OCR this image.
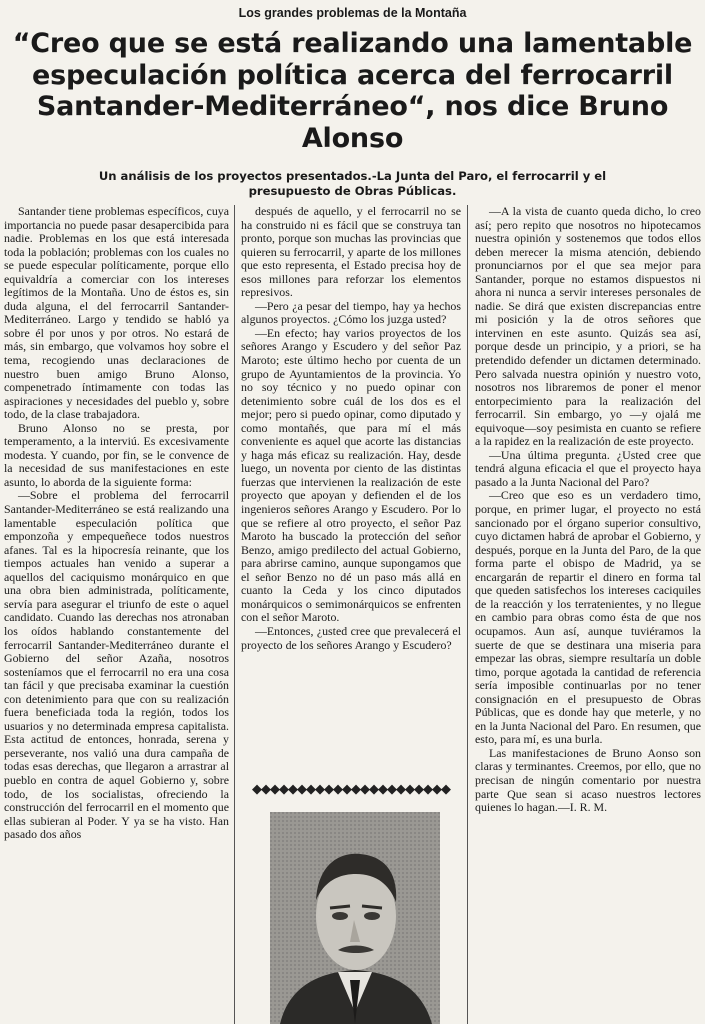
Los grandes problemas de la Montaña
“Creo que se está realizando una lamentable especulación política acerca del ferrocarril Santander-Mediterráneo“, nos dice Bruno Alonso
Un análisis de los proyectos presentados.-La Junta del Paro, el ferrocarril y el presupuesto de Obras Públicas.

Santander tiene problemas específicos, cuya importancia no puede pasar desapercibida para nadie. Problemas en los que está interesada toda la población; problemas con los cuales no se puede especular políticamente, porque ello equivaldría a comerciar con los intereses legítimos de la Montaña. Uno de éstos es, sin duda alguna, el del ferrocarril Santander-Mediterráneo. Largo y tendido se habló ya sobre él por unos y por otros. No estará de más, sin embargo, que volvamos hoy sobre el tema, recogiendo unas declaraciones de nuestro buen amigo Bruno Alonso, compenetrado íntimamente con todas las aspiraciones y necesidades del pueblo y, sobre todo, de la clase trabajadora.

Bruno Alonso no se presta, por temperamento, a la interviú. Es excesivamente modesta. Y cuando, por fin, se le convence de la necesidad de sus manifestaciones en este asunto, lo aborda de la siguiente forma:

—Sobre el problema del ferrocarril Santander-Mediterráneo se está realizando una lamentable especulación política que emponzoña y empequeñece todos nuestros afanes. Tal es la hipocresía reinante, que los tiempos actuales han venido a superar a aquellos del caciquismo monárquico en que una obra bien administrada, políticamente, servía para asegurar el triunfo de este o aquel candidato. Cuando las derechas nos atronaban los oídos hablando constantemente del ferrocarril Santander-Mediterráneo durante el Gobierno del señor Azaña, nosotros sosteníamos que el ferrocarril no era una cosa tan fácil y que precisaba examinar la cuestión con detenimiento para que con su realización fuera beneficiada toda la región, todos los usuarios y no determinada empresa capitalista. Esta actitud de entonces, honrada, serena y perseverante, nos valió una dura campaña de todas esas derechas, que llegaron a arrastrar al pueblo en contra de aquel Gobierno y, sobre todo, de los socialistas, ofreciendo la construcción del ferrocarril en el momento que ellas subieran al Poder. Y ya se ha visto. Han pasado dos años

después de aquello, y el ferrocarril no se ha construido ni es fácil que se construya tan pronto, porque son muchas las provincias que quieren su ferrocarril, y aparte de los millones que esto representa, el Estado precisa hoy de esos millones para reforzar los elementos represivos.

—Pero ¿a pesar del tiempo, hay ya hechos algunos proyectos. ¿Cómo los juzga usted?

—En efecto; hay varios proyectos de los señores Arango y Escudero y del señor Paz Maroto; este último hecho por cuenta de un grupo de Ayuntamientos de la provincia. Yo no soy técnico y no puedo opinar con detenimiento sobre cuál de los dos es el mejor; pero si puedo opinar, como diputado y como montañés, que para mí el más conveniente es aquel que acorte las distancias y haga más eficaz su realización. Hay, desde luego, un noventa por ciento de las distintas fuerzas que intervienen la realización de este proyecto que apoyan y defienden el de los ingenieros señores Arango y Escudero. Por lo que se refiere al otro proyecto, el señor Paz Maroto ha buscado la protección del señor Benzo, amigo predilecto del actual Gobierno, para abrirse camino, aunque supongamos que el señor Benzo no dé un paso más allá en cuanto la Ceda y los cinco diputados monárquicos o semimonárquicos se enfrenten con el señor Maroto.

—Entonces, ¿usted cree que prevalecerá el proyecto de los señores Arango y Escudero?

◆◆◆◆◆◆◆◆◆◆◆◆◆◆◆◆◆◆◆◆◆◆

—A la vista de cuanto queda dicho, lo creo así; pero repito que nosotros no hipotecamos nuestra opinión y sostenemos que todos ellos deben merecer la misma atención, debiendo pronunciarnos por el que sea mejor para Santander, porque no estamos dispuestos ni ahora ni nunca a servir intereses personales de nadie. Se dirá que existen discrepancias entre mi posición y la de otros señores que intervinen en este asunto. Quizás sea así, porque desde un principio, y a priori, se ha pretendido defender un dictamen determinado. Pero salvada nuestra opinión y nuestro voto, nosotros nos libraremos de poner el menor entorpecimiento para la realización del ferrocarril. Sin embargo, yo —y ojalá me equivoque—soy pesimista en cuanto se refiere a la rapidez en la realización de este proyecto.

—Una última pregunta. ¿Usted cree que tendrá alguna eficacia el que el proyecto haya pasado a la Junta Nacional del Paro?

—Creo que eso es un verdadero timo, porque, en primer lugar, el proyecto no está sancionado por el órgano superior consultivo, cuyo dictamen habrá de aprobar el Gobierno, y después, porque en la Junta del Paro, de la que forma parte el obispo de Madrid, ya se encargarán de repartir el dinero en forma tal que queden satisfechos los intereses caciquiles de la reacción y los terratenientes, y no llegue en cambio para obras como ésta de que nos ocupamos. Aun así, aunque tuviéramos la suerte de que se destinara una miseria para empezar las obras, siempre resultaría un doble timo, porque agotada la cantidad de referencia sería imposible continuarlas por no tener consignación en el presupuesto de Obras Públicas, que es donde hay que meterle, y no en la Junta Nacional del Paro. En resumen, que esto, para mí, es una burla.

Las manifestaciones de Bruno Aonso son claras y terminantes. Creemos, por ello, que no precisan de ningún comentario por nuestra parte Que sean si acaso nuestros lectores quienes lo hagan.—I. R. M.
